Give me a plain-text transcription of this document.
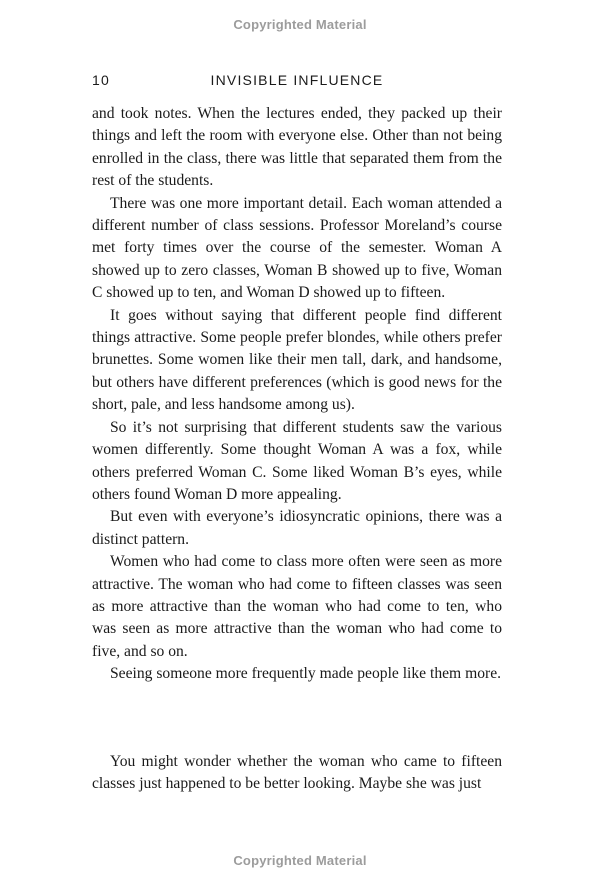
Copyrighted Material
10	INVISIBLE INFLUENCE

and took notes. When the lectures ended, they packed up their things and left the room with everyone else. Other than not being enrolled in the class, there was little that separated them from the rest of the students.

There was one more important detail. Each woman attended a different number of class sessions. Professor Moreland’s course met forty times over the course of the semester. Woman A showed up to zero classes, Woman B showed up to five, Woman C showed up to ten, and Woman D showed up to fifteen.

It goes without saying that different people find different things attractive. Some people prefer blondes, while others prefer brunettes. Some women like their men tall, dark, and handsome, but others have different preferences (which is good news for the short, pale, and less handsome among us).

So it’s not surprising that different students saw the various women differently. Some thought Woman A was a fox, while others preferred Woman C. Some liked Woman B’s eyes, while others found Woman D more appealing.

But even with everyone’s idiosyncratic opinions, there was a distinct pattern.

Women who had come to class more often were seen as more attractive. The woman who had come to fifteen classes was seen as more attractive than the woman who had come to ten, who was seen as more attractive than the woman who had come to five, and so on.

Seeing someone more frequently made people like them more.

You might wonder whether the woman who came to fifteen classes just happened to be better looking. Maybe she was just

Copyrighted Material
